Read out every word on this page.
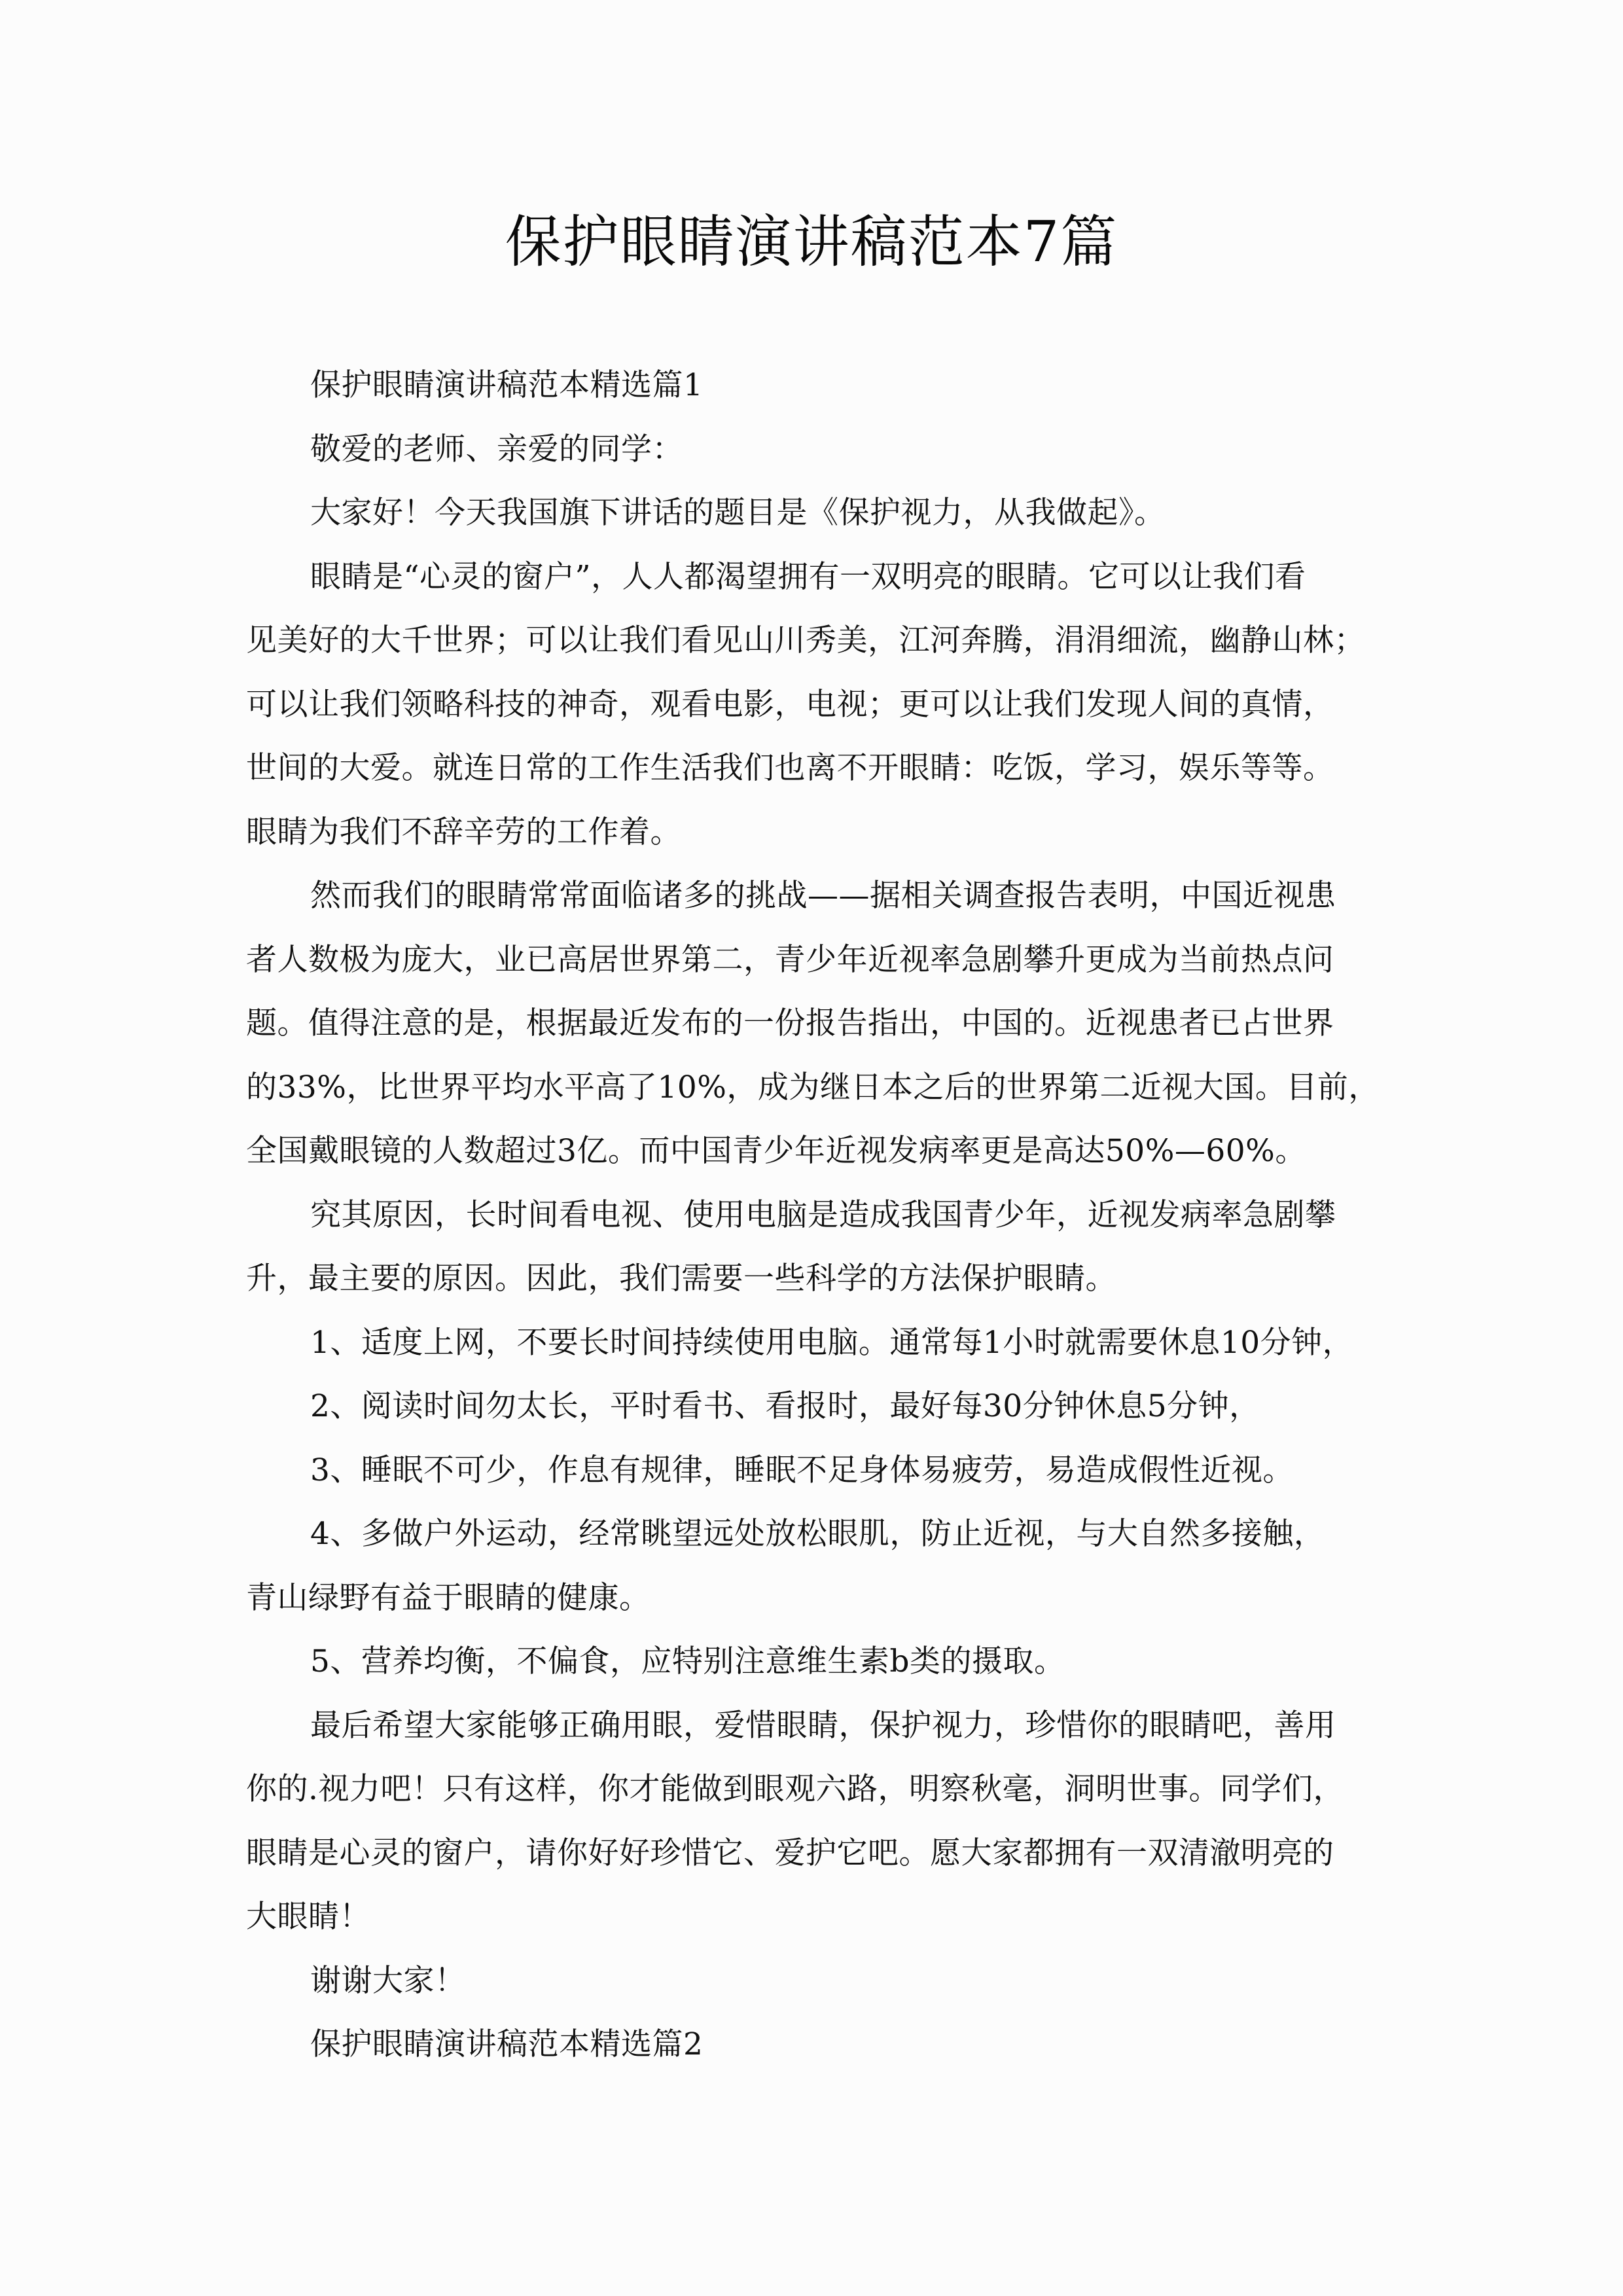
保护眼睛演讲稿范本7篇

保护眼睛演讲稿范本精选篇1

敬爱的老师、亲爱的同学：

大家好！今天我国旗下讲话的题目是《保护视力，从我做起》。

眼睛是“心灵的窗户”，人人都渴望拥有一双明亮的眼睛。它可以让我们看

见美好的大千世界；可以让我们看见山川秀美，江河奔腾，涓涓细流，幽静山林；

可以让我们领略科技的神奇，观看电影，电视；更可以让我们发现人间的真情，

世间的大爱。就连日常的工作生活我们也离不开眼睛：吃饭，学习，娱乐等等。

眼睛为我们不辞辛劳的工作着。

然而我们的眼睛常常面临诸多的挑战——据相关调查报告表明，中国近视患

者人数极为庞大，业已高居世界第二，青少年近视率急剧攀升更成为当前热点问

题。值得注意的是，根据最近发布的一份报告指出，中国的。近视患者已占世界

的33%，比世界平均水平高了10%，成为继日本之后的世界第二近视大国。目前，

全国戴眼镜的人数超过3亿。而中国青少年近视发病率更是高达50%—60%。

究其原因，长时间看电视、使用电脑是造成我国青少年，近视发病率急剧攀

升，最主要的原因。因此，我们需要一些科学的方法保护眼睛。

1、适度上网，不要长时间持续使用电脑。通常每1小时就需要休息10分钟，

2、阅读时间勿太长，平时看书、看报时，最好每30分钟休息5分钟，

3、睡眠不可少，作息有规律，睡眠不足身体易疲劳，易造成假性近视。

4、多做户外运动，经常眺望远处放松眼肌，防止近视，与大自然多接触，

青山绿野有益于眼睛的健康。

5、营养均衡，不偏食，应特别注意维生素b类的摄取。

最后希望大家能够正确用眼，爱惜眼睛，保护视力，珍惜你的眼睛吧，善用

你的.视力吧！只有这样，你才能做到眼观六路，明察秋毫，洞明世事。同学们，

眼睛是心灵的窗户，请你好好珍惜它、爱护它吧。愿大家都拥有一双清澈明亮的

大眼睛！

谢谢大家！

保护眼睛演讲稿范本精选篇2
